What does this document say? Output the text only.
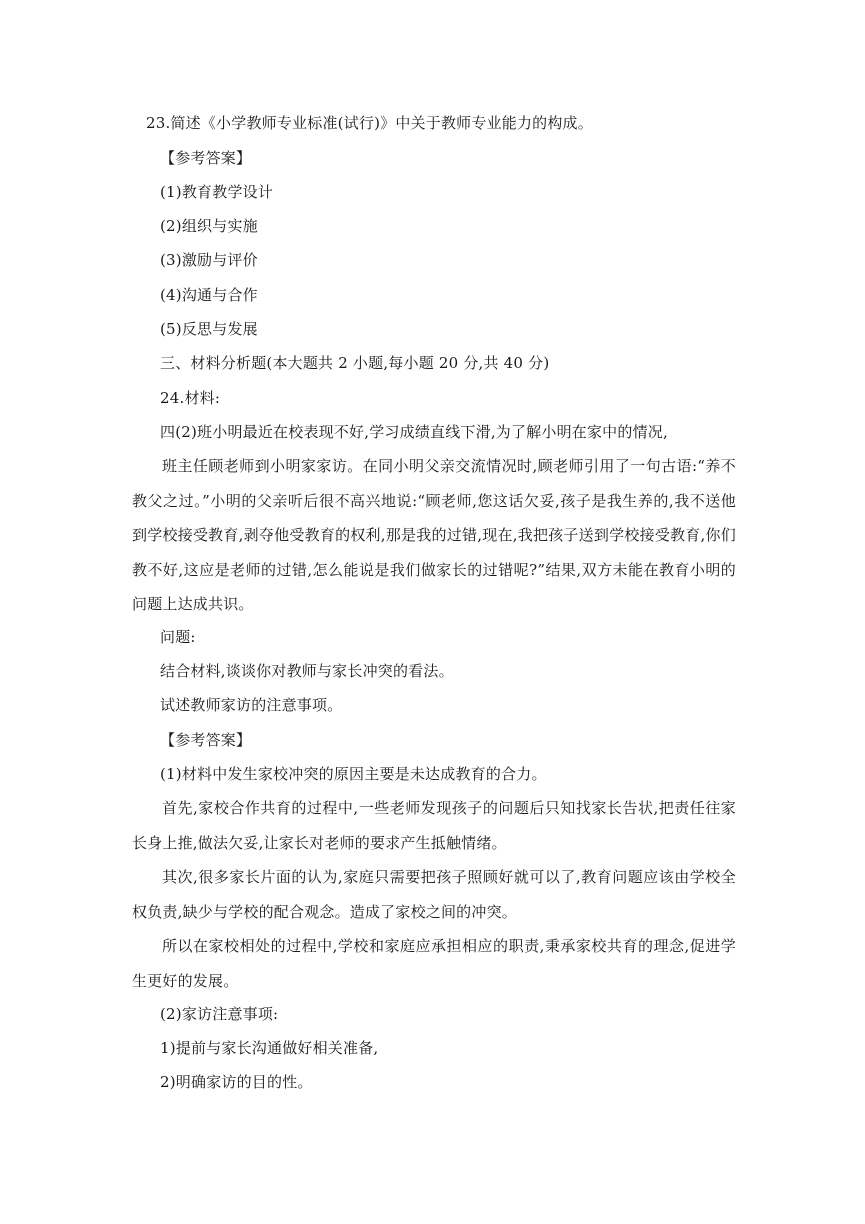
23.简述《小学教师专业标准(试行)》中关于教师专业能力的构成。
【参考答案】
(1)教育教学设计
(2)组织与实施
(3)激励与评价
(4)沟通与合作
(5)反思与发展
三、材料分析题(本大题共 2 小题,每小题 20 分,共 40 分)
24.材料:
四(2)班小明最近在校表现不好,学习成绩直线下滑,为了解小明在家中的情况,
班主任顾老师到小明家家访。在同小明父亲交流情况时,顾老师引用了一句古语:“养不教父之过。”小明的父亲听后很不高兴地说:“顾老师,您这话欠妥,孩子是我生养的,我不送他到学校接受教育,剥夺他受教育的权利,那是我的过错,现在,我把孩子送到学校接受教育,你们教不好,这应是老师的过错,怎么能说是我们做家长的过错呢?”结果,双方未能在教育小明的问题上达成共识。
问题:
结合材料,谈谈你对教师与家长冲突的看法。
试述教师家访的注意事项。
【参考答案】
(1)材料中发生家校冲突的原因主要是未达成教育的合力。
首先,家校合作共育的过程中,一些老师发现孩子的问题后只知找家长告状,把责任往家长身上推,做法欠妥,让家长对老师的要求产生抵触情绪。
其次,很多家长片面的认为,家庭只需要把孩子照顾好就可以了,教育问题应该由学校全权负责,缺少与学校的配合观念。造成了家校之间的冲突。
所以在家校相处的过程中,学校和家庭应承担相应的职责,秉承家校共育的理念,促进学生更好的发展。
(2)家访注意事项:
1)提前与家长沟通做好相关准备,
2)明确家访的目的性。
